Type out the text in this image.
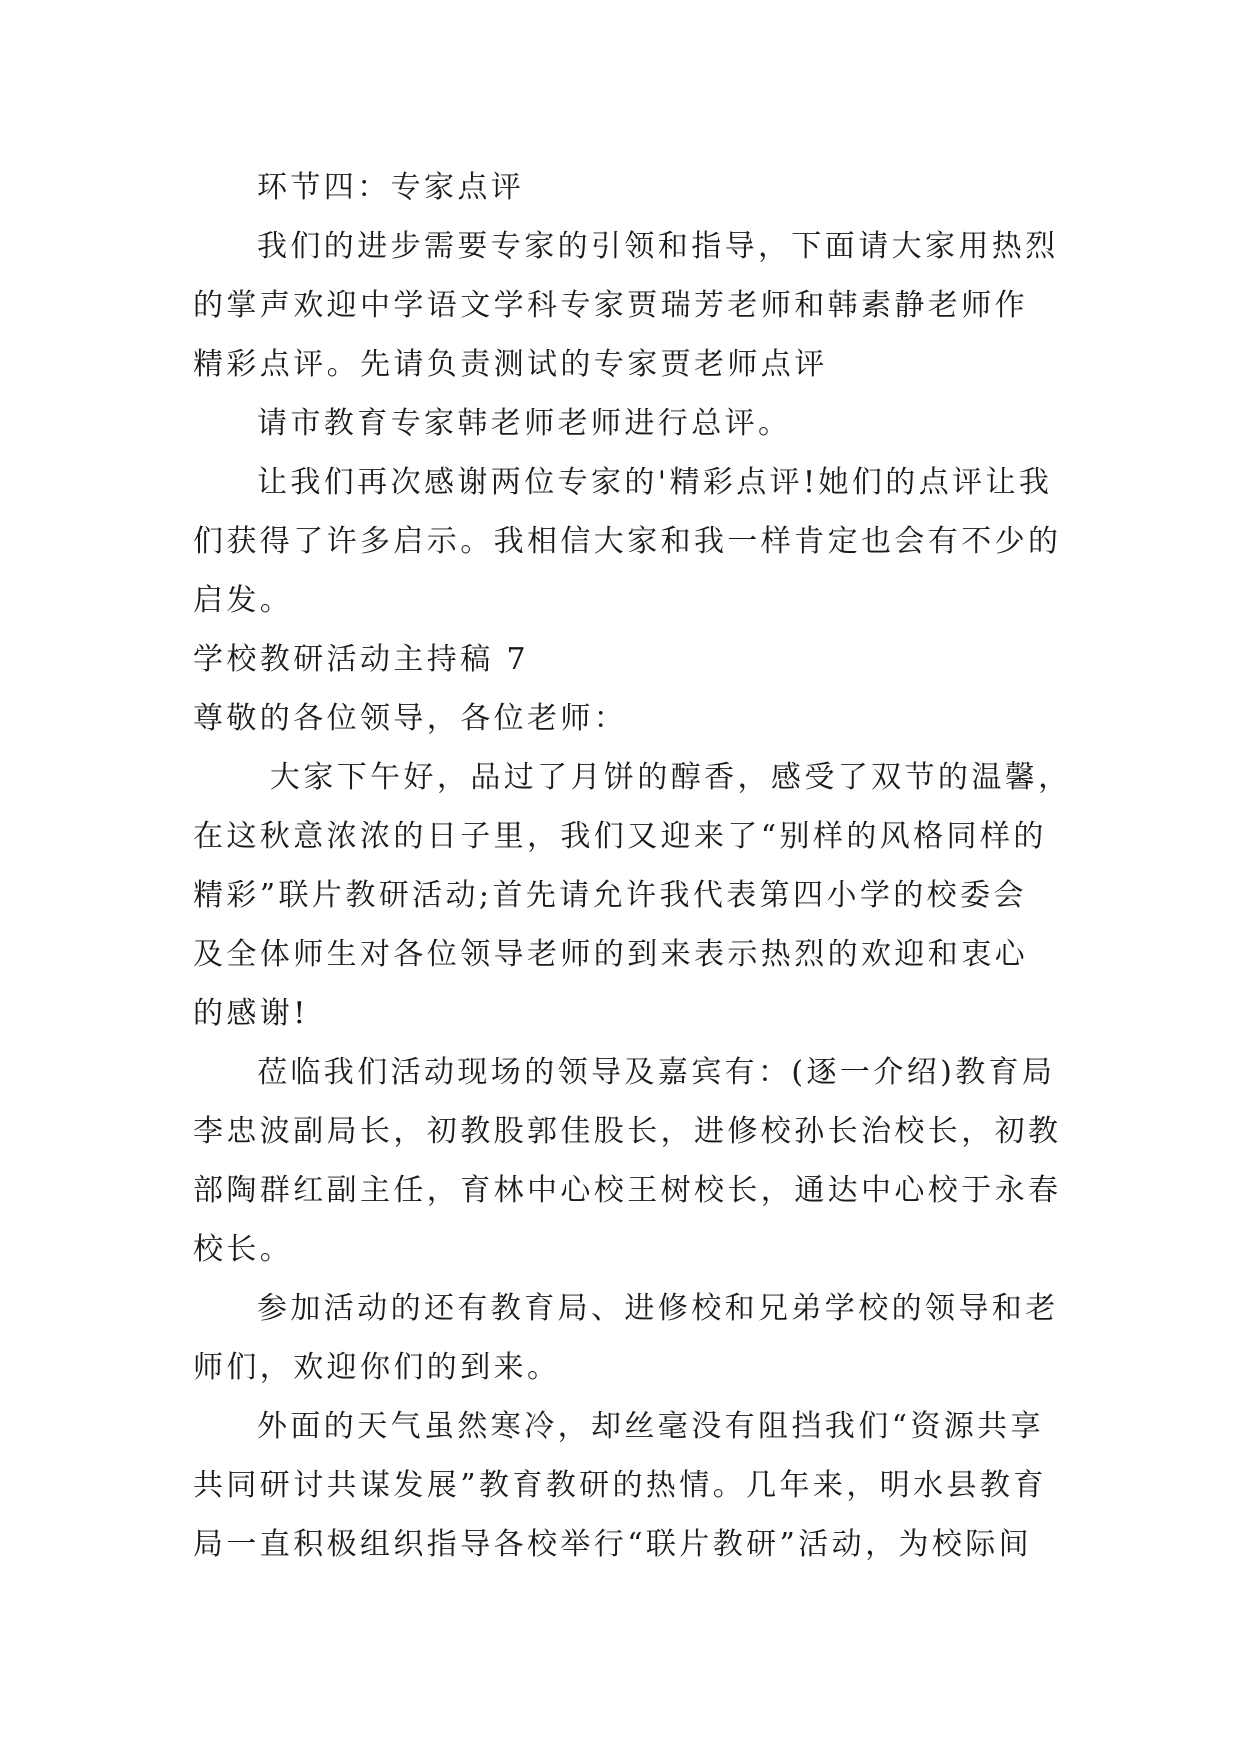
环节四：专家点评
我们的进步需要专家的引领和指导，下面请大家用热烈
的掌声欢迎中学语文学科专家贾瑞芳老师和韩素静老师作
精彩点评。先请负责测试的专家贾老师点评
请市教育专家韩老师老师进行总评。
让我们再次感谢两位专家的'精彩点评!她们的点评让我
们获得了许多启示。我相信大家和我一样肯定也会有不少的
启发。
学校教研活动主持稿 7
尊敬的各位领导，各位老师：
大家下午好，品过了月饼的醇香，感受了双节的温馨，
在这秋意浓浓的日子里，我们又迎来了“别样的风格同样的
精彩”联片教研活动;首先请允许我代表第四小学的校委会
及全体师生对各位领导老师的到来表示热烈的欢迎和衷心
的感谢!
莅临我们活动现场的领导及嘉宾有：(逐一介绍)教育局
李忠波副局长，初教股郭佳股长，进修校孙长治校长，初教
部陶群红副主任，育林中心校王树校长，通达中心校于永春
校长。
参加活动的还有教育局、进修校和兄弟学校的领导和老
师们，欢迎你们的到来。
外面的天气虽然寒冷，却丝毫没有阻挡我们“资源共享
共同研讨共谋发展”教育教研的热情。几年来，明水县教育
局一直积极组织指导各校举行“联片教研”活动，为校际间
